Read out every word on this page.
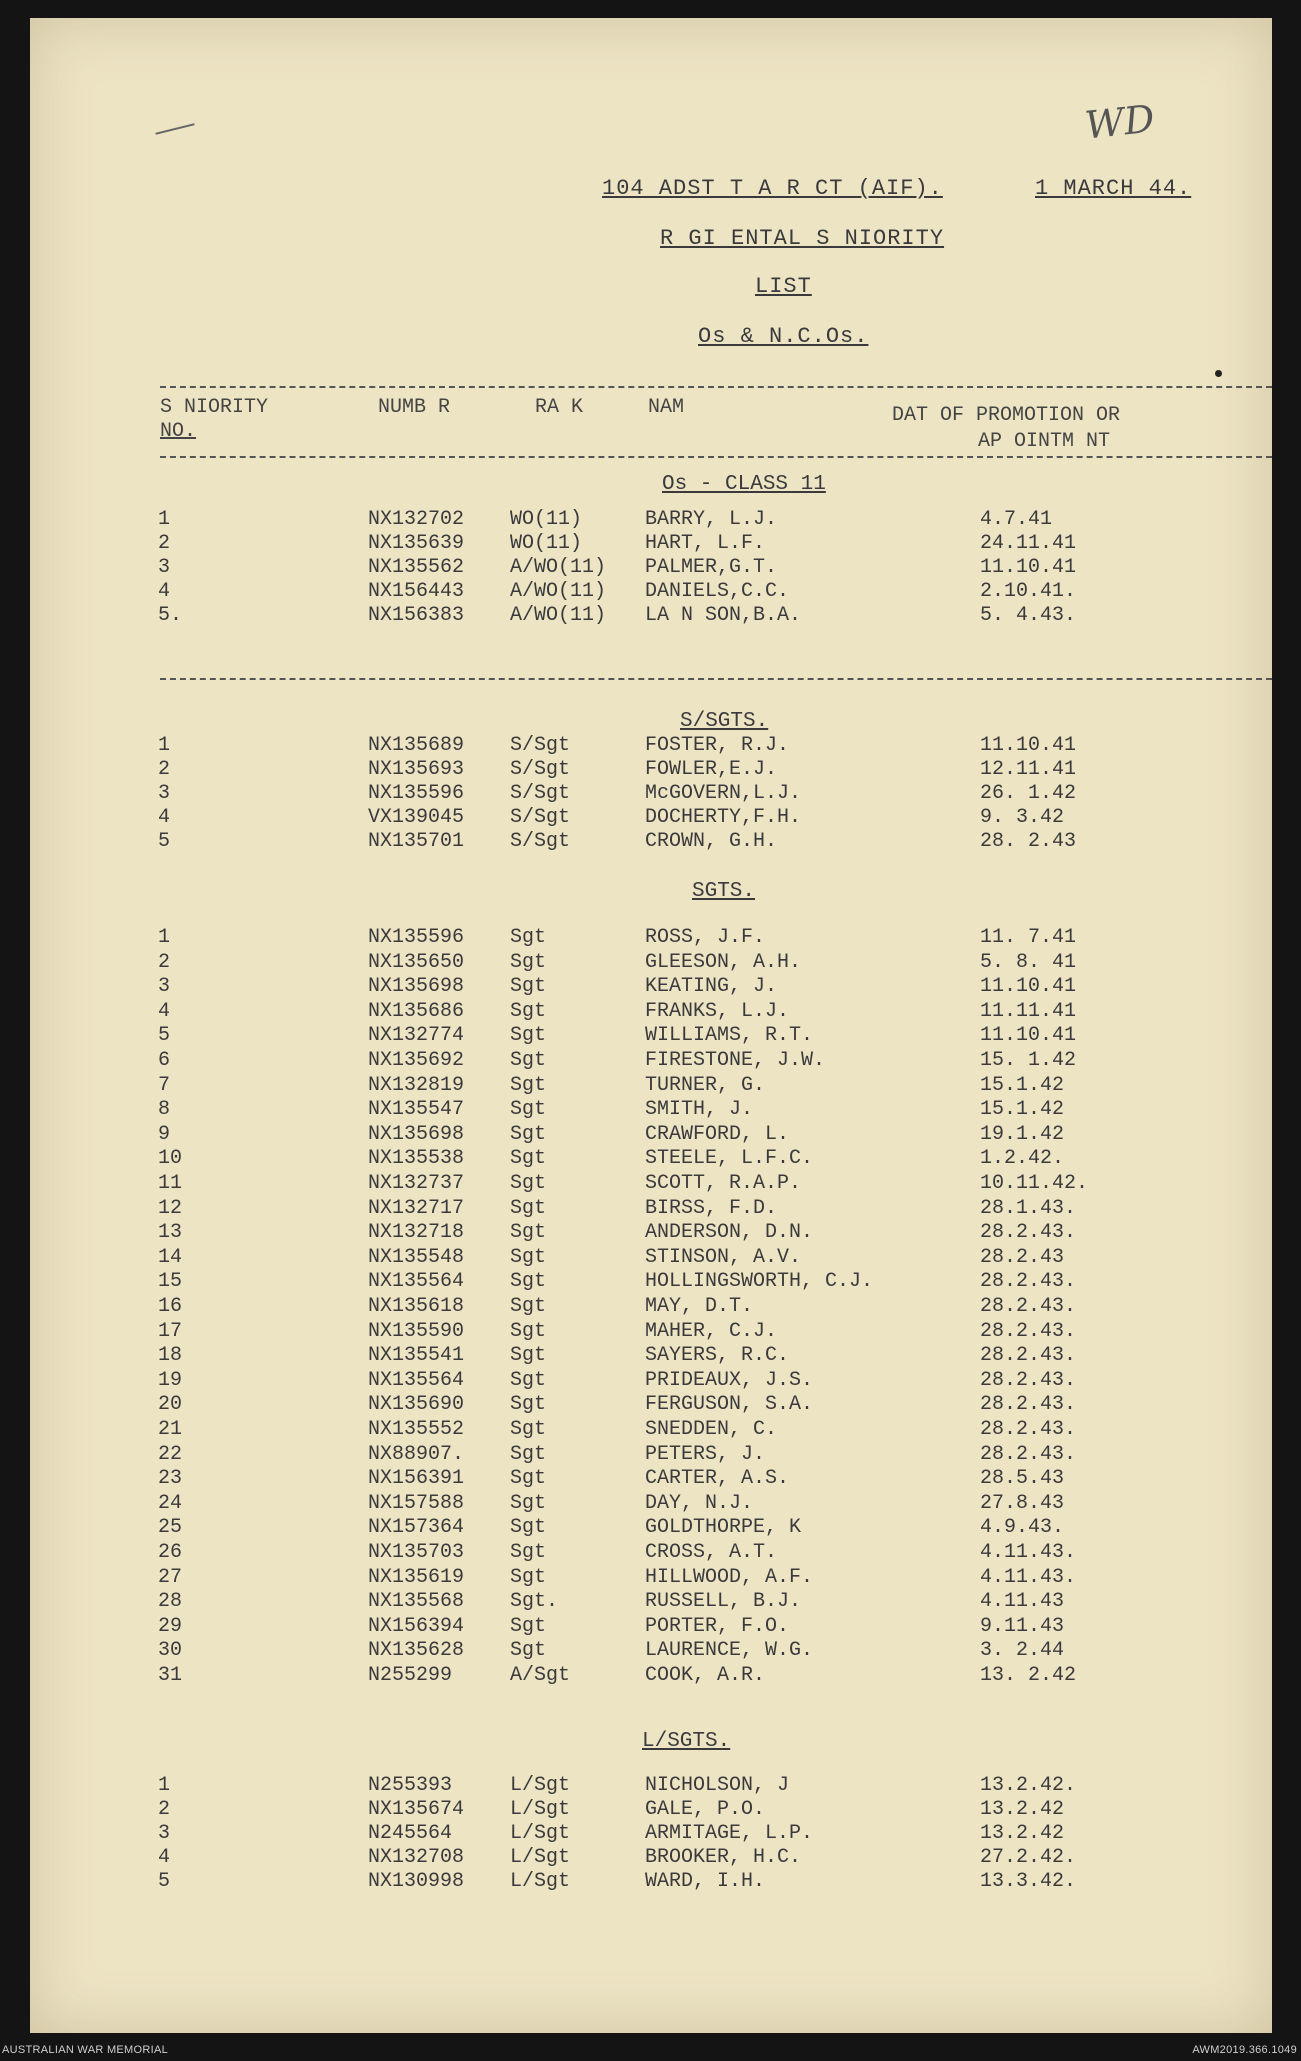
WD
104 ADST T A R CT (AIF).	1 MARCH 44.
R GI ENTAL S NIORITY
LIST
Os & N.C.Os.
S NIORITY
NO.
NUMB R	RA K	NAM	DAT OF PROMOTION OR
AP OINTM NT
Os - CLASS 11
1	NX132702 WO(11)	BARRY, L.J.	4.7.41
2	NX135639 WO(11)	HART, L.F.	24.11.41
3	NX135562 A/WO(11) PALMER,G.T.	11.10.41
4	NX156443 A/WO(11) DANIELS,C.C.	2.10.41.
5.	NX156383 A/WO(11) LA N SON,B.A.	5. 4.43.
S/SGTS.
1	NX135689 S/Sgt	FOSTER, R.J.	11.10.41
2	NX135693 S/Sgt	FOWLER,E.J.	12.11.41
3	NX135596 S/Sgt	McGOVERN,L.J.	26. 1.42
4	VX139045 S/Sgt	DOCHERTY,F.H.	9. 3.42
5	NX135701 S/Sgt	CROWN, G.H.	28. 2.43
SGTS.
1	NX135596 Sgt	ROSS, J.F.	11. 7.41
2	NX135650 Sgt	GLEESON, A.H.	5. 8. 41
3	NX135698 Sgt	KEATING, J.	11.10.41
4	NX135686 Sgt	FRANKS, L.J.	11.11.41
5	NX132774 Sgt	WILLIAMS, R.T.	11.10.41
6	NX135692 Sgt	FIRESTONE, J.W.	15. 1.42
7	NX132819 Sgt	TURNER, G.	15.1.42
8	NX135547 Sgt	SMITH, J.	15.1.42
9	NX135698 Sgt	CRAWFORD, L.	19.1.42
10	NX135538 Sgt	STEELE, L.F.C.	1.2.42.
11	NX132737 Sgt	SCOTT, R.A.P.	10.11.42.
12	NX132717 Sgt	BIRSS, F.D.	28.1.43.
13	NX132718 Sgt	ANDERSON, D.N.	28.2.43.
14	NX135548 Sgt	STINSON, A.V.	28.2.43
15	NX135564 Sgt	HOLLINGSWORTH, C.J.	28.2.43.
16	NX135618 Sgt	MAY, D.T.	28.2.43.
17	NX135590 Sgt	MAHER, C.J.	28.2.43.
18	NX135541 Sgt	SAYERS, R.C.	28.2.43.
19	NX135564 Sgt	PRIDEAUX, J.S.	28.2.43.
20	NX135690 Sgt	FERGUSON, S.A.	28.2.43.
21	NX135552 Sgt	SNEDDEN, C.	28.2.43.
22	NX88907. Sgt	PETERS, J.	28.2.43.
23	NX156391 Sgt	CARTER, A.S.	28.5.43
24	NX157588 Sgt	DAY, N.J.	27.8.43
25	NX157364 Sgt	GOLDTHORPE, K	4.9.43.
26	NX135703 Sgt	CROSS, A.T.	4.11.43.
27	NX135619 Sgt	HILLWOOD, A.F.	4.11.43.
28	NX135568 Sgt.	RUSSELL, B.J.	4.11.43
29	NX156394 Sgt	PORTER, F.O.	9.11.43
30	NX135628 Sgt	LAURENCE, W.G.	3. 2.44
31	N255299	A/Sgt	COOK, A.R.	13. 2.42
L/SGTS.
1	N255393	L/Sgt	NICHOLSON, J	13.2.42.
2	NX135674 L/Sgt	GALE, P.O.	13.2.42
3	N245564	L/Sgt	ARMITAGE, L.P.	13.2.42
4	NX132708 L/Sgt	BROOKER, H.C.	27.2.42.
5	NX130998 L/Sgt	WARD, I.H.	13.3.42.
AUSTRALIAN WAR MEMORIAL	AWM2019.366.1049
